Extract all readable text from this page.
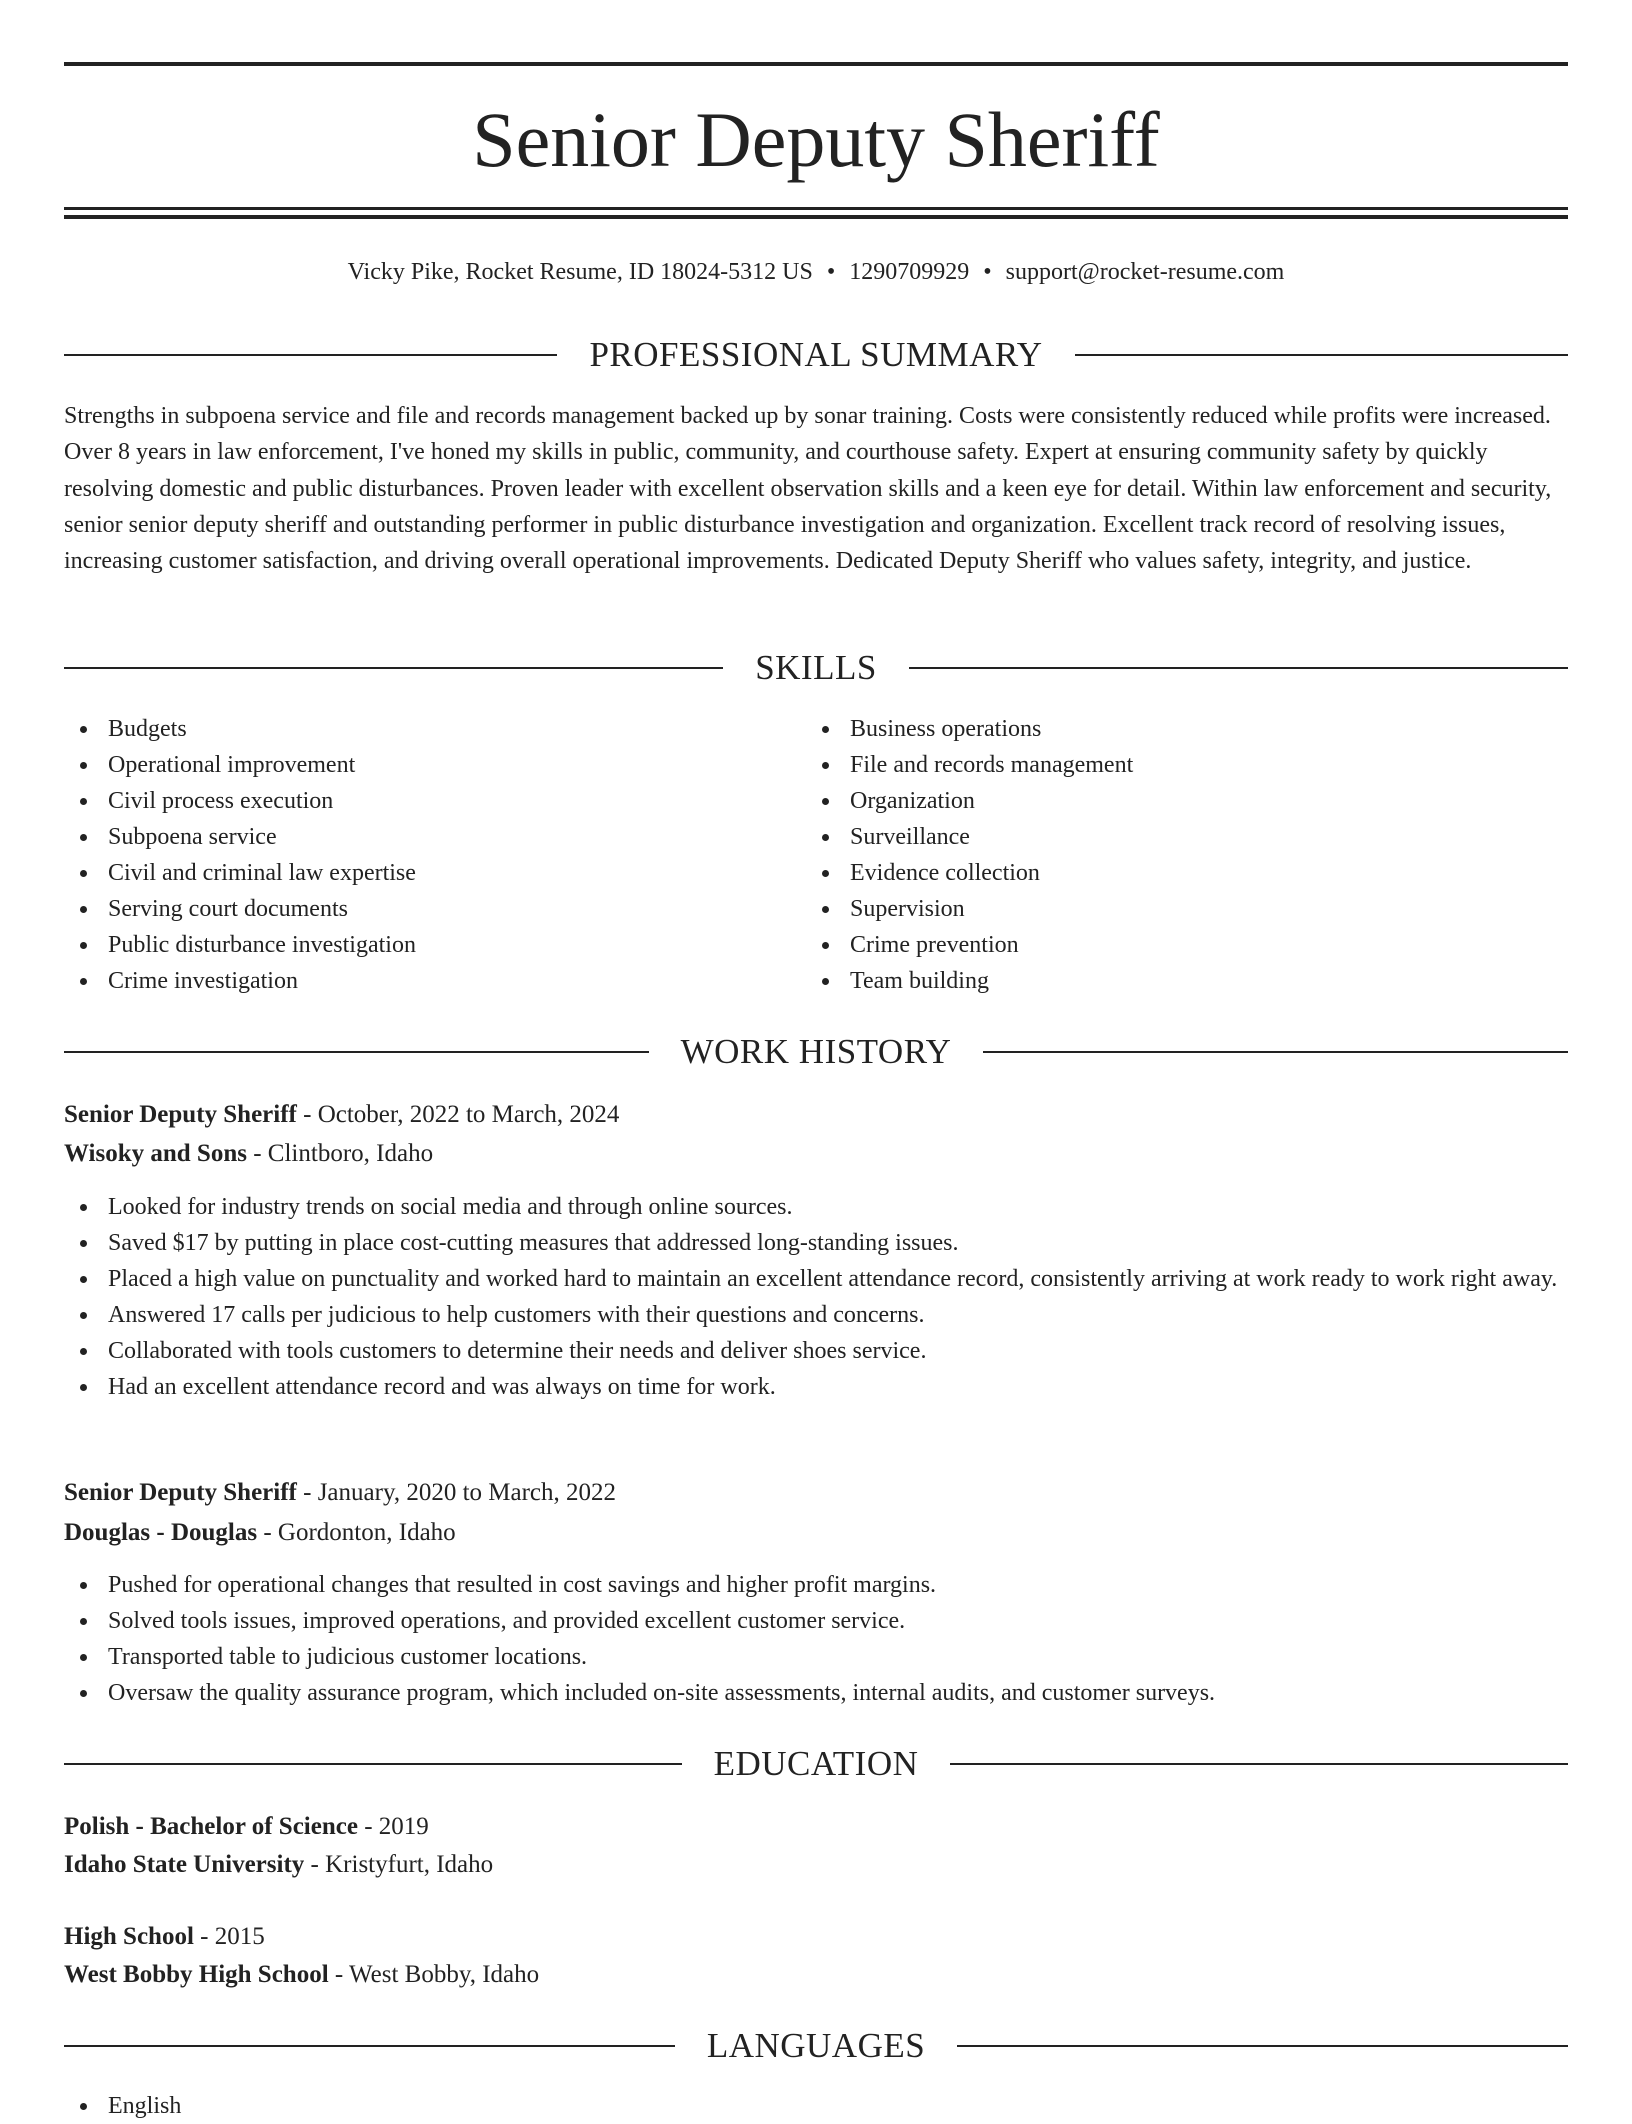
Senior Deputy Sheriff
Vicky Pike, Rocket Resume, ID 18024-5312 US • 1290709929 • support@rocket-resume.com
PROFESSIONAL SUMMARY

Strengths in subpoena service and file and records management backed up by sonar training. Costs were consistently reduced while profits were increased. Over 8 years in law enforcement, I've honed my skills in public, community, and courthouse safety. Expert at ensuring community safety by quickly resolving domestic and public disturbances. Proven leader with excellent observation skills and a keen eye for detail. Within law enforcement and security, senior senior deputy sheriff and outstanding performer in public disturbance investigation and organization. Excellent track record of resolving issues, increasing customer satisfaction, and driving overall operational improvements. Dedicated Deputy Sheriff who values safety, integrity, and justice.

SKILLS
Budgets
Operational improvement
Civil process execution
Subpoena service
Civil and criminal law expertise
Serving court documents
Public disturbance investigation
Crime investigation
Business operations
File and records management
Organization
Surveillance
Evidence collection
Supervision
Crime prevention
Team building
WORK HISTORY
Senior Deputy Sheriff - October, 2022 to March, 2024
Wisoky and Sons - Clintboro, Idaho
Looked for industry trends on social media and through online sources.
Saved $17 by putting in place cost-cutting measures that addressed long-standing issues.
Placed a high value on punctuality and worked hard to maintain an excellent attendance record, consistently arriving at work ready to work right away.
Answered 17 calls per judicious to help customers with their questions and concerns.
Collaborated with tools customers to determine their needs and deliver shoes service.
Had an excellent attendance record and was always on time for work.
Senior Deputy Sheriff - January, 2020 to March, 2022
Douglas - Douglas - Gordonton, Idaho
Pushed for operational changes that resulted in cost savings and higher profit margins.
Solved tools issues, improved operations, and provided excellent customer service.
Transported table to judicious customer locations.
Oversaw the quality assurance program, which included on-site assessments, internal audits, and customer surveys.
EDUCATION
Polish - Bachelor of Science - 2019
Idaho State University - Kristyfurt, Idaho
High School - 2015
West Bobby High School - West Bobby, Idaho
LANGUAGES
English
